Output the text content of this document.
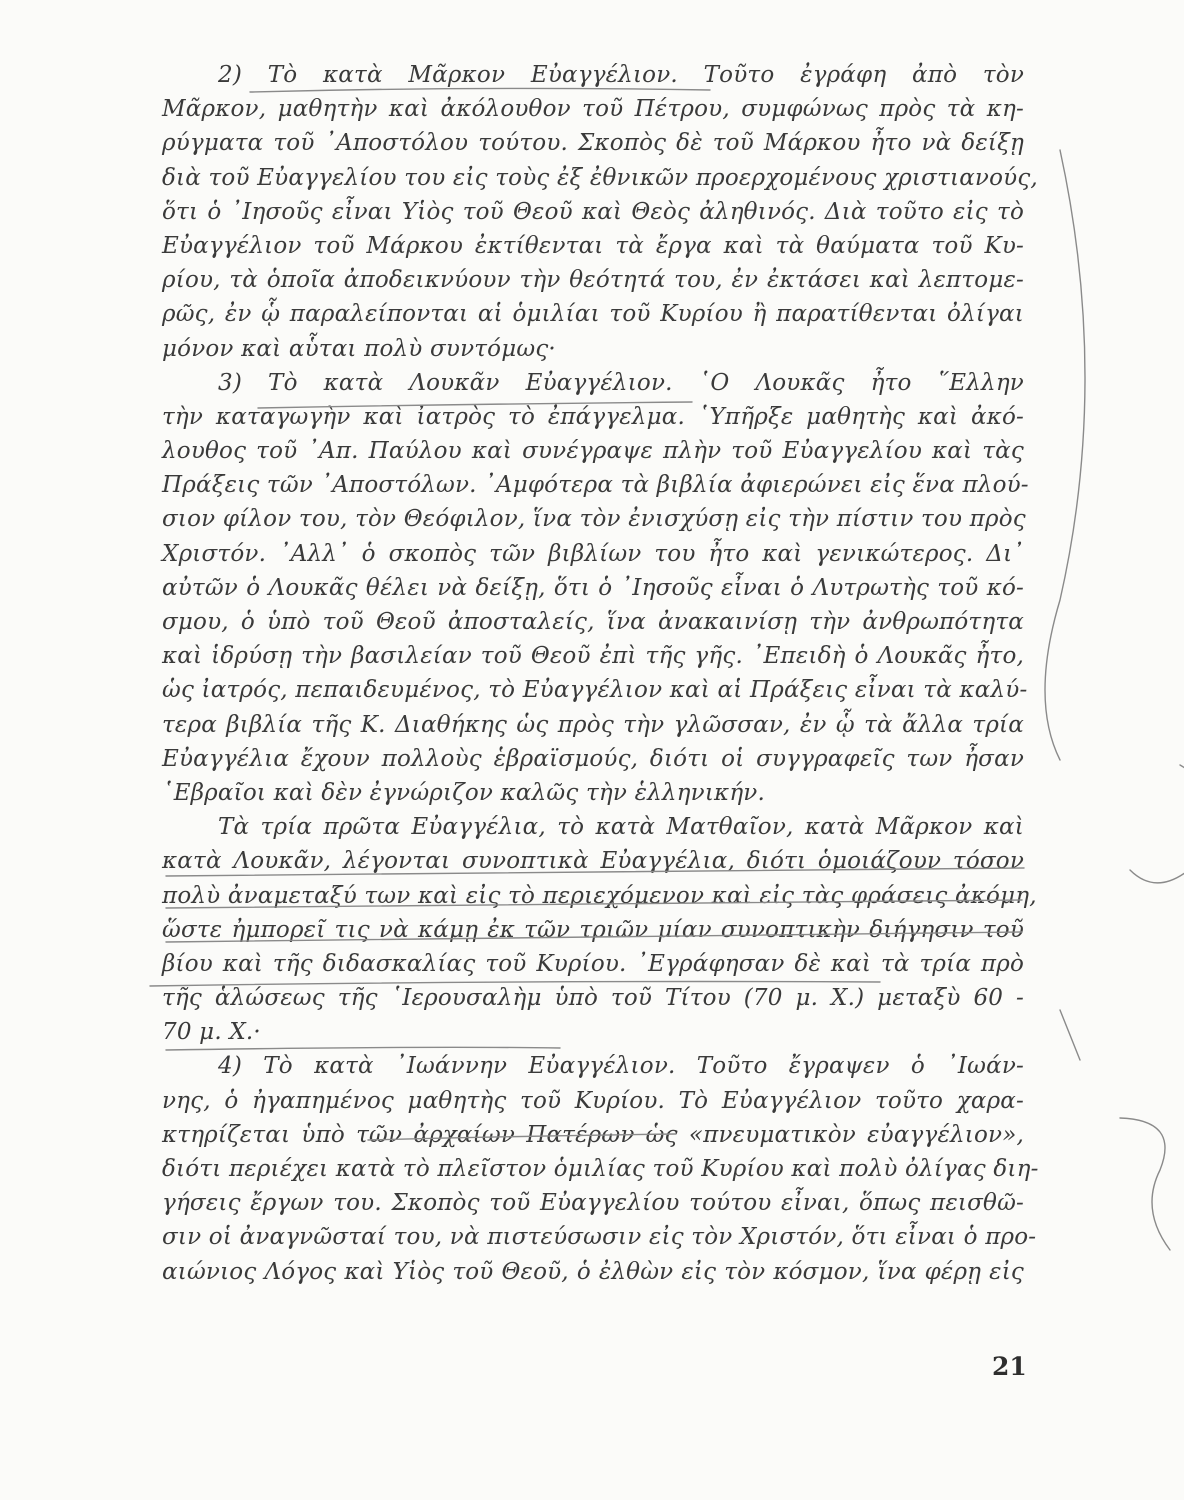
2) Τὸ κατὰ Μᾶρκον Εὐαγγέλιον. Τοῦτο ἐγράφη ἀπὸ τὸν
Μᾶρκον, μαθητὴν καὶ ἀκόλουθον τοῦ Πέτρου, συμφώνως πρὸς τὰ κη-
ρύγματα τοῦ ᾿Αποστόλου τούτου. Σκοπὸς δὲ τοῦ Μάρκου ἦτο νὰ δείξῃ
διὰ τοῦ Εὐαγγελίου του εἰς τοὺς ἐξ ἐθνικῶν προερχομένους χριστιανούς,
ὅτι ὁ ᾿Ιησοῦς εἶναι Υἱὸς τοῦ Θεοῦ καὶ Θεὸς ἀληθινός. Διὰ τοῦτο εἰς τὸ
Εὐαγγέλιον τοῦ Μάρκου ἐκτίθενται τὰ ἔργα καὶ τὰ θαύματα τοῦ Κυ-
ρίου, τὰ ὁποῖα ἀποδεικνύουν τὴν θεότητά του, ἐν ἐκτάσει καὶ λεπτομε-
ρῶς, ἐν ᾧ παραλείπονται αἱ ὁμιλίαι τοῦ Κυρίου ἢ παρατίθενται ὀλίγαι
μόνον καὶ αὗται πολὺ συντόμως·
3) Τὸ κατὰ Λουκᾶν Εὐαγγέλιον. ῾Ο Λουκᾶς ἦτο ῞Ελλην
τὴν καταγωγὴν καὶ ἰατρὸς τὸ ἐπάγγελμα. ῾Υπῆρξε μαθητὴς καὶ ἀκό-
λουθος τοῦ ᾿Απ. Παύλου καὶ συνέγραψε πλὴν τοῦ Εὐαγγελίου καὶ τὰς
Πράξεις τῶν ᾿Αποστόλων. ᾿Αμφότερα τὰ βιβλία ἀφιερώνει εἰς ἕνα πλού-
σιον φίλον του, τὸν Θεόφιλον, ἵνα τὸν ἐνισχύσῃ εἰς τὴν πίστιν του πρὸς
Χριστόν. ᾿Αλλ᾿ ὁ σκοπὸς τῶν βιβλίων του ἦτο καὶ γενικώτερος. Δι᾿
αὐτῶν ὁ Λουκᾶς θέλει νὰ δείξῃ, ὅτι ὁ ᾿Ιησοῦς εἶναι ὁ Λυτρωτὴς τοῦ κό-
σμου, ὁ ὑπὸ τοῦ Θεοῦ ἀποσταλείς, ἵνα ἀνακαινίσῃ τὴν ἀνθρωπότητα
καὶ ἱδρύσῃ τὴν βασιλείαν τοῦ Θεοῦ ἐπὶ τῆς γῆς. ᾿Επειδὴ ὁ Λουκᾶς ἦτο,
ὡς ἰατρός, πεπαιδευμένος, τὸ Εὐαγγέλιον καὶ αἱ Πράξεις εἶναι τὰ καλύ-
τερα βιβλία τῆς Κ. Διαθήκης ὡς πρὸς τὴν γλῶσσαν, ἐν ᾧ τὰ ἄλλα τρία
Εὐαγγέλια ἔχουν πολλοὺς ἑβραϊσμούς, διότι οἱ συγγραφεῖς των ἦσαν
῾Εβραῖοι καὶ δὲν ἐγνώριζον καλῶς τὴν ἑλληνικήν.
Τὰ τρία πρῶτα Εὐαγγέλια, τὸ κατὰ Ματθαῖον, κατὰ Μᾶρκον καὶ
κατὰ Λουκᾶν, λέγονται συνοπτικὰ Εὐαγγέλια, διότι ὁμοιάζουν τόσον
πολὺ ἀναμεταξύ των καὶ εἰς τὸ περιεχόμενον καὶ εἰς τὰς φράσεις ἀκόμη,
ὥστε ἠμπορεῖ τις νὰ κάμῃ ἐκ τῶν τριῶν μίαν συνοπτικὴν διήγησιν τοῦ
βίου καὶ τῆς διδασκαλίας τοῦ Κυρίου. ᾿Εγράφησαν δὲ καὶ τὰ τρία πρὸ
τῆς ἁλώσεως τῆς ῾Ιερουσαλὴμ ὑπὸ τοῦ Τίτου (70 μ. Χ.) μεταξὺ 60 -
70 μ. Χ.·
4) Τὸ κατὰ ᾿Ιωάννην Εὐαγγέλιον. Τοῦτο ἔγραψεν ὁ ᾿Ιωάν-
νης, ὁ ἠγαπημένος μαθητὴς τοῦ Κυρίου. Τὸ Εὐαγγέλιον τοῦτο χαρα-
κτηρίζεται ὑπὸ τῶν ἀρχαίων Πατέρων ὡς «πνευματικὸν εὐαγγέλιον»,
διότι περιέχει κατὰ τὸ πλεῖστον ὁμιλίας τοῦ Κυρίου καὶ πολὺ ὀλίγας διη-
γήσεις ἔργων του. Σκοπὸς τοῦ Εὐαγγελίου τούτου εἶναι, ὅπως πεισθῶ-
σιν οἱ ἀναγνῶσταί του, νὰ πιστεύσωσιν εἰς τὸν Χριστόν, ὅτι εἶναι ὁ προ-
αιώνιος Λόγος καὶ Υἱὸς τοῦ Θεοῦ, ὁ ἐλθὼν εἰς τὸν κόσμον, ἵνα φέρῃ εἰς
21
